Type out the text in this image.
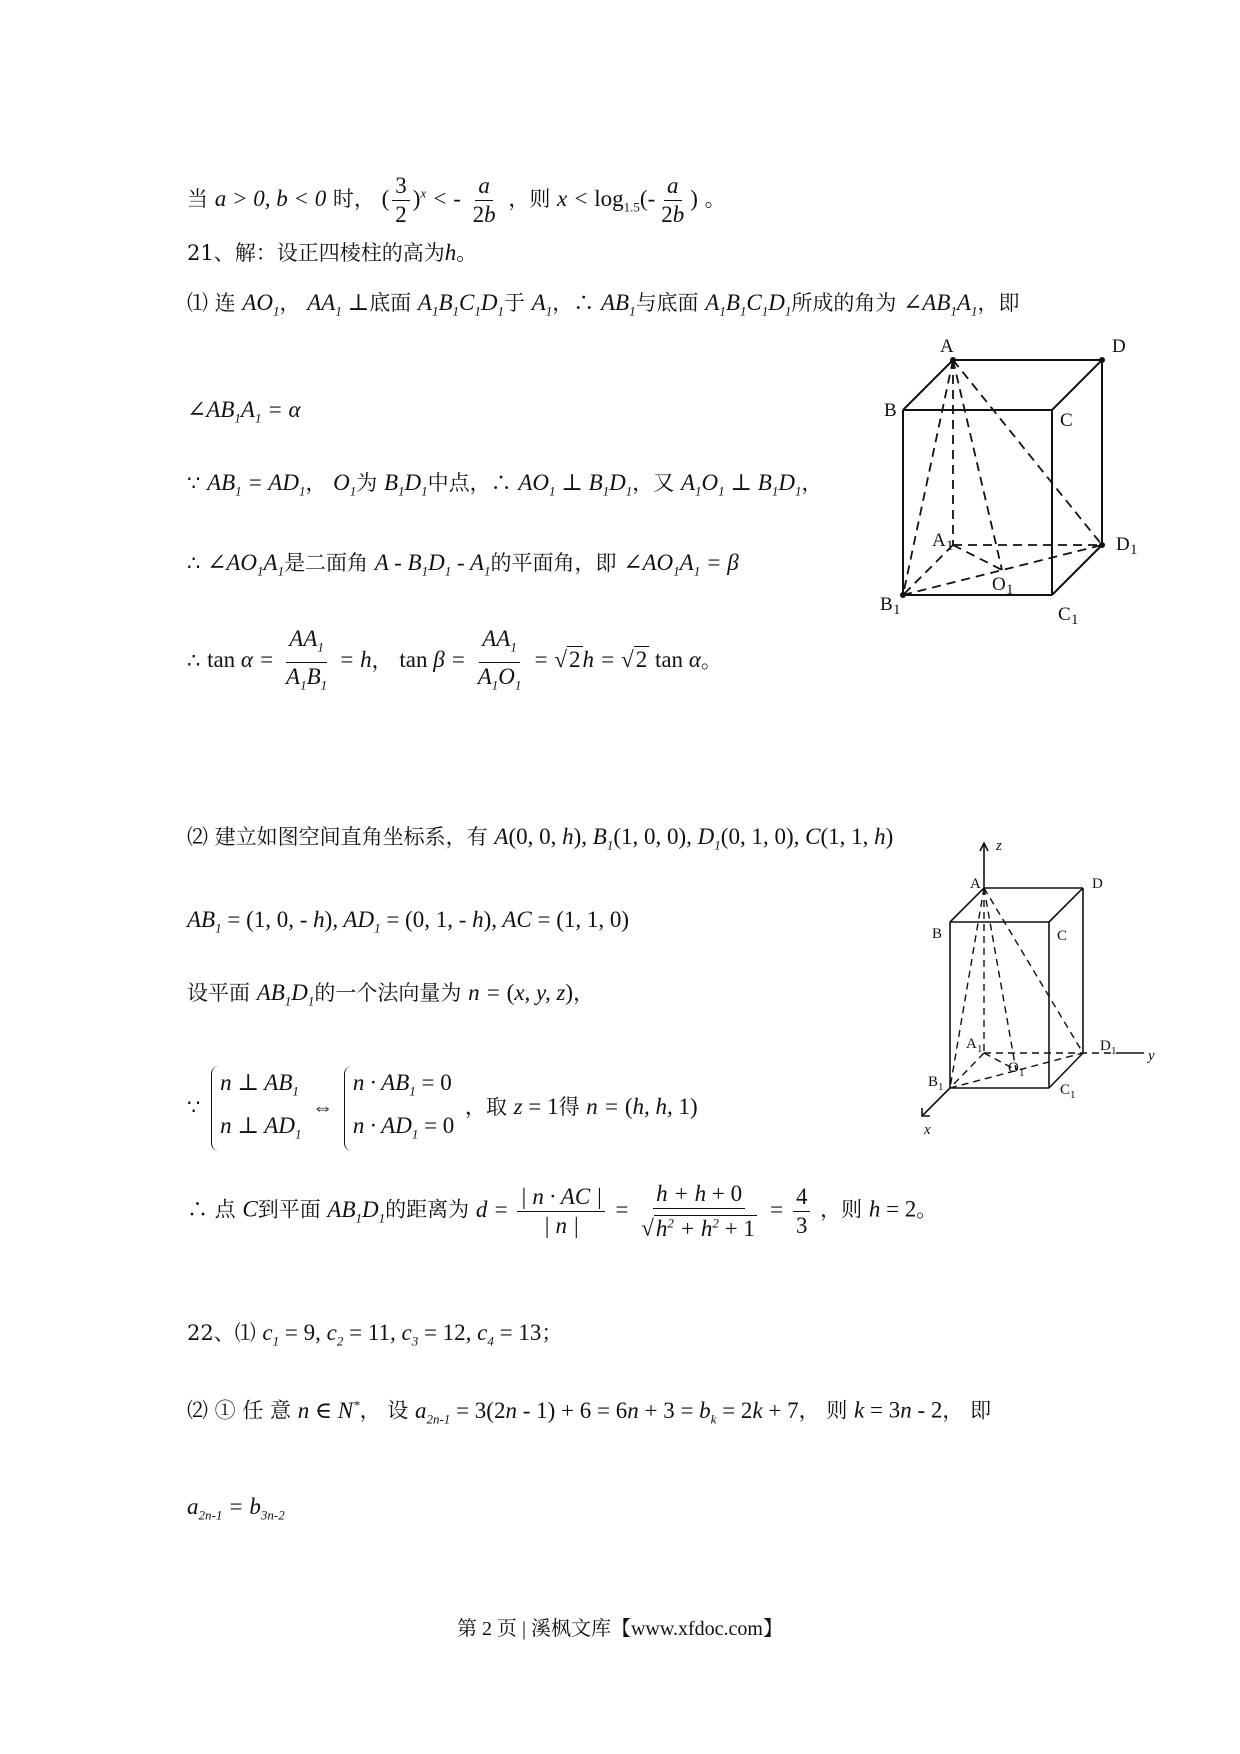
当 a > 0, b < 0 时， ( $\frac{3}{2} )^x$ < - $\frac{a}{2b}$ ，则 $x < \log_{1.5}(- \frac{a}{2b}$ ) 。
21、解：设正四棱柱的高为h。
⑴ 连 $AO_1$， $AA_1$ ⊥底面 $A_1B_1C_1D_1$于 $A_1$，∴ $AB_1$与底面 $A_1B_1C_1D_1$所成的角为 $\angle AB_1A_1$，即
$\angle AB_1A_1 = \alpha$
∵ $AB_1 = AD_1$， $O_1$为 $B_1D_1$中点，∴ $AO_1$ ⊥ $B_1D_1$，又 $A_1O_1$ ⊥ $B_1D_1$，
∴ $\angle AO_1A_1$是二面角 A - $B_1D_1 - A_1$的平面角，即 $\angle AO_1A_1 = \beta$
∴ $\tan \alpha = \frac{AA_1}{A_1B_1} = h$， $\tan \beta = \frac{AA_1}{A_1O_1} = √2h = √2$ tan α。
⑵ 建立如图空间直角坐标系，有 A(0, 0, h), $B_1(1$, 0, 0), $D_1(0$, 1, 0), C(1, 1, h)
$AB_1 = (1$, 0, - h), $AD_1 = (0$, 1, - h), AC = (1, 1, 0)
设平面 $AB_1D_1$的一个法向量为 n = (x, y, z)，
∵
n ⊥ $AB_1$
n ⊥ $AD_1$
⇔
$n \cdot AB_1 = 0$
$n \cdot AD_1 = 0$
，取 z = 1得 n = (h, h, 1)
∴ 点 C到平面 $AB_1D_1$的距离为 $d = \frac{| n \cdot AC |}{| n |} = \frac{h + h + 0}{√h^2 + h^2 + 1} = \frac{4}{3}$ ，则 h = 2。
22、⑴ $c_1 = 9$, $c_2 = 11$, $c_3 = 12$, $c_4 = 13$；
⑵ ① 任 意 n ∈ N*， 设 $a_{2n-1} = 3(2n - 1) + 6 = 6n + 3 = b_k = 2k + 7$， 则 k = 3n - 2， 即
$a_{2n-1} = b_{3n-2}$
A	D
B	C
A 1	D 1
O 1
B 1	C 1
z
y
x
A	D
B	C
A 1	D 1
O 1
B 1	C 1
第 2 页 | 溪枫文库【www.xfdoc.com】
